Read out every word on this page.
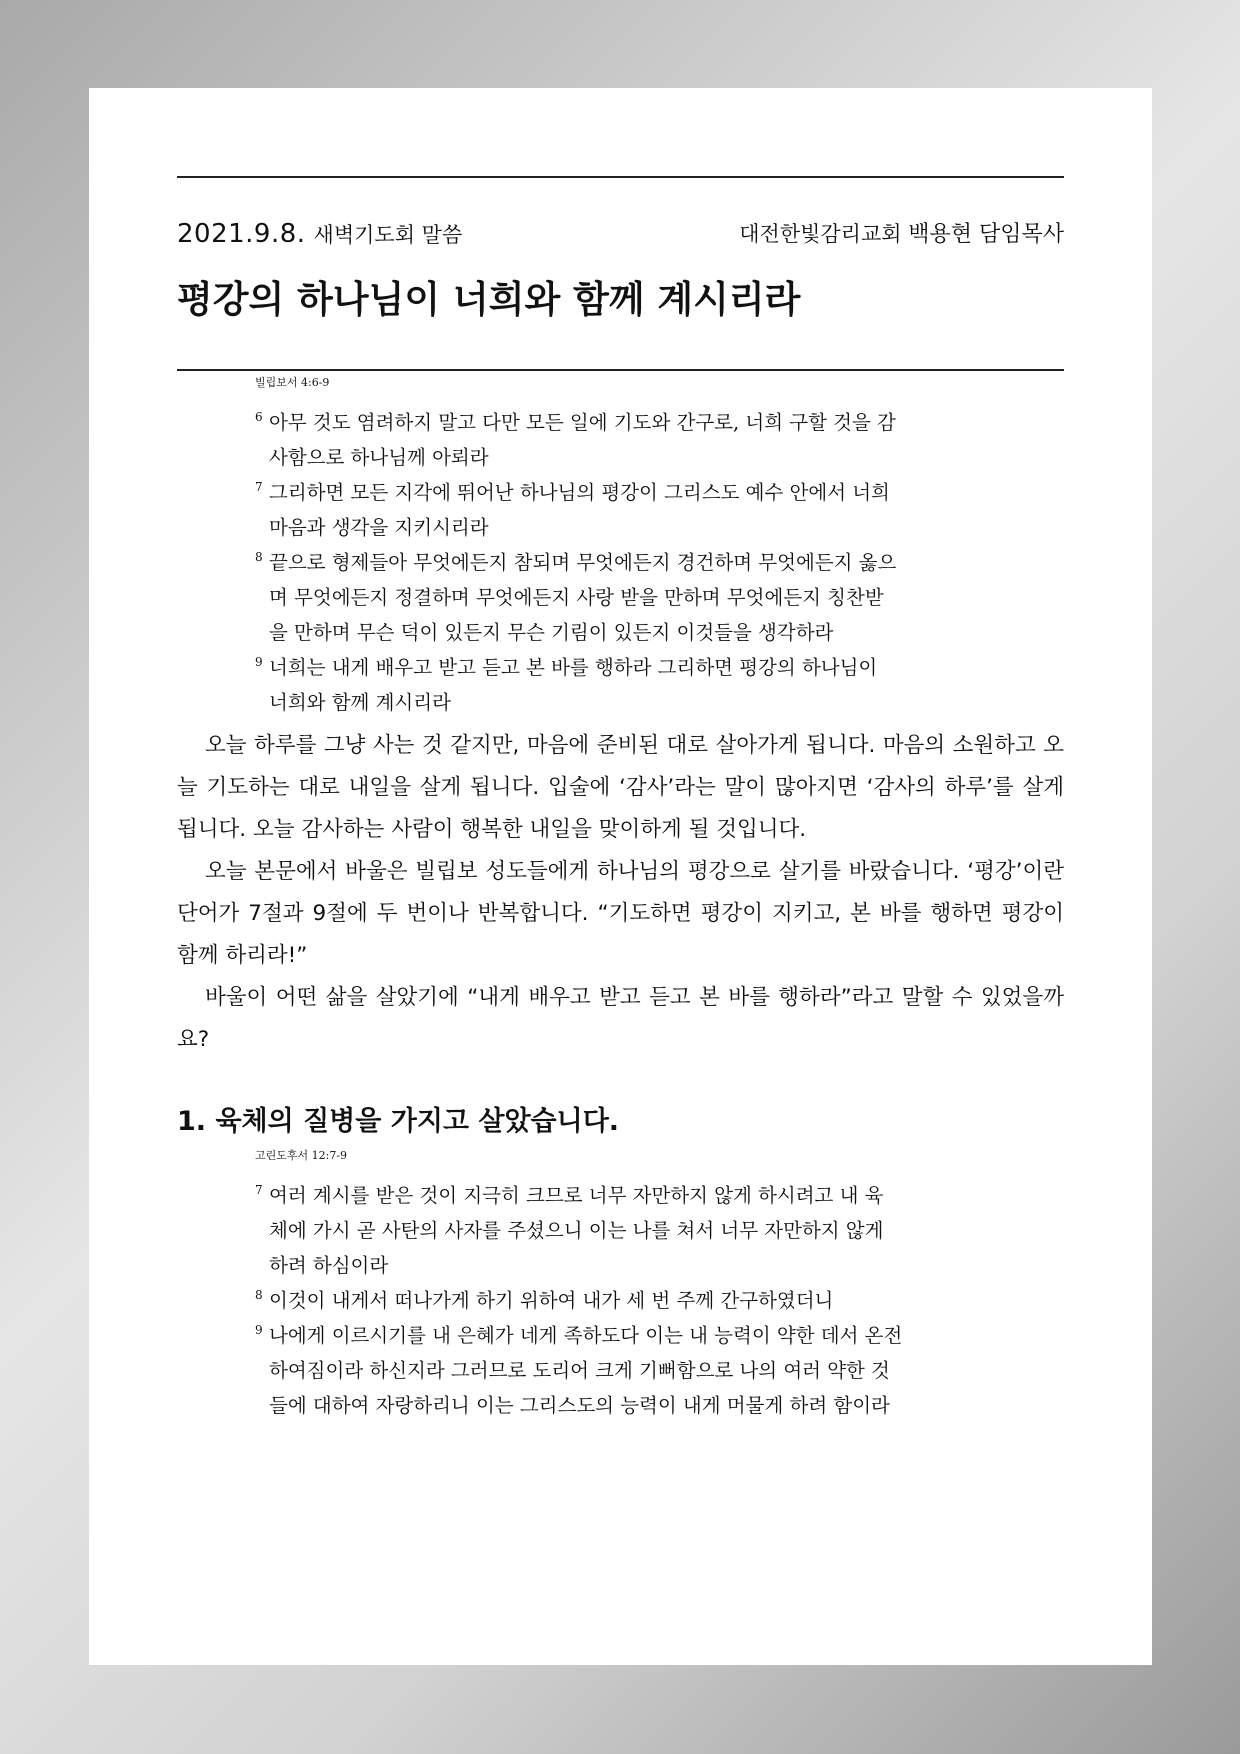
2021.9.8. 새벽기도회 말씀	대전한빛감리교회 백용현 담임목사
평강의 하나님이 너희와 함께 계시리라
빌립보서 4:6-9
6 아무 것도 염려하지 말고 다만 모든 일에 기도와 간구로, 너희 구할 것을 감
사함으로 하나님께 아뢰라
7 그리하면 모든 지각에 뛰어난 하나님의 평강이 그리스도 예수 안에서 너희
마음과 생각을 지키시리라
8 끝으로 형제들아 무엇에든지 참되며 무엇에든지 경건하며 무엇에든지 옳으
며 무엇에든지 정결하며 무엇에든지 사랑 받을 만하며 무엇에든지 칭찬받
을 만하며 무슨 덕이 있든지 무슨 기림이 있든지 이것들을 생각하라
9 너희는 내게 배우고 받고 듣고 본 바를 행하라 그리하면 평강의 하나님이
너희와 함께 계시리라

오늘 하루를 그냥 사는 것 같지만, 마음에 준비된 대로 살아가게 됩니다. 마음의 소원하고 오늘 기도하는 대로 내일을 살게 됩니다. 입술에 ‘감사’라는 말이 많아지면 ‘감사의 하루’를 살게 됩니다. 오늘 감사하는 사람이 행복한 내일을 맞이하게 될 것입니다.

오늘 본문에서 바울은 빌립보 성도들에게 하나님의 평강으로 살기를 바랐습니다. ‘평강’이란 단어가 7절과 9절에 두 번이나 반복합니다. “기도하면 평강이 지키고, 본 바를 행하면 평강이 함께 하리라!”

바울이 어떤 삶을 살았기에 “내게 배우고 받고 듣고 본 바를 행하라”라고 말할 수 있었을까요?

1. 육체의 질병을 가지고 살았습니다.
고린도후서 12:7-9
7 여러 계시를 받은 것이 지극히 크므로 너무 자만하지 않게 하시려고 내 육
체에 가시 곧 사탄의 사자를 주셨으니 이는 나를 쳐서 너무 자만하지 않게
하려 하심이라
8 이것이 내게서 떠나가게 하기 위하여 내가 세 번 주께 간구하였더니
9 나에게 이르시기를 내 은혜가 네게 족하도다 이는 내 능력이 약한 데서 온전
하여짐이라 하신지라 그러므로 도리어 크게 기뻐함으로 나의 여러 약한 것
들에 대하여 자랑하리니 이는 그리스도의 능력이 내게 머물게 하려 함이라
